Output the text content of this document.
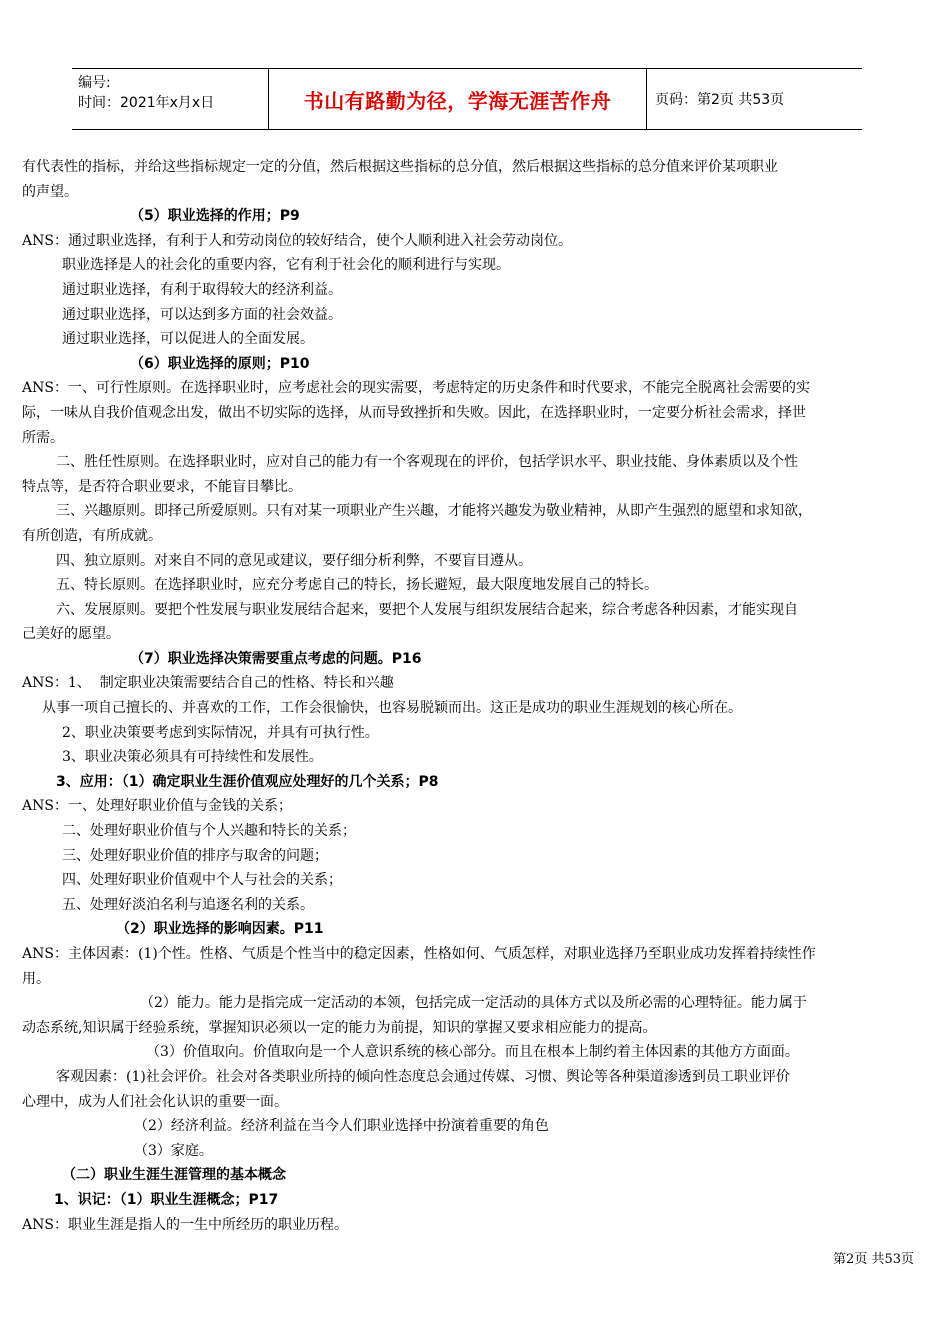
编号:
时间：2021年x月x日	书山有路勤为径，学海无涯苦作舟	页码：第2页 共53页
有代表性的指标，并给这些指标规定一定的分值，然后根据这些指标的总分值，然后根据这些指标的总分值来评价某项职业
的声望。
（5）职业选择的作用；P9
ANS：通过职业选择，有利于人和劳动岗位的较好结合，使个人顺利进入社会劳动岗位。
职业选择是人的社会化的重要内容，它有利于社会化的顺利进行与实现。
通过职业选择，有利于取得较大的经济利益。
通过职业选择，可以达到多方面的社会效益。
通过职业选择，可以促进人的全面发展。
（6）职业选择的原则；P10
ANS：一、可行性原则。在选择职业时，应考虑社会的现实需要，考虑特定的历史条件和时代要求，不能完全脱离社会需要的实
际，一味从自我价值观念出发，做出不切实际的选择，从而导致挫折和失败。因此，在选择职业时，一定要分析社会需求，择世
所需。
二、胜任性原则。在选择职业时，应对自己的能力有一个客观现在的评价，包括学识水平、职业技能、身体素质以及个性
特点等，是否符合职业要求，不能盲目攀比。
三、兴趣原则。即择己所爱原则。只有对某一项职业产生兴趣，才能将兴趣发为敬业精神，从即产生强烈的愿望和求知欲，
有所创造，有所成就。
四、独立原则。对来自不同的意见或建议，要仔细分析利弊，不要盲目遵从。
五、特长原则。在选择职业时，应充分考虑自己的特长，扬长避短，最大限度地发展自己的特长。
六、发展原则。要把个性发展与职业发展结合起来，要把个人发展与组织发展结合起来，综合考虑各种因素，才能实现自
己美好的愿望。
（7）职业选择决策需要重点考虑的问题。P16
ANS：1、  制定职业决策需要结合自己的性格、特长和兴趣
从事一项自己擅长的、并喜欢的工作，工作会很愉快，也容易脱颖而出。这正是成功的职业生涯规划的核心所在。
2、职业决策要考虑到实际情况，并具有可执行性。
3、职业决策必须具有可持续性和发展性。
3、应用：（1）确定职业生涯价值观应处理好的几个关系；P8
ANS：一、处理好职业价值与金钱的关系；
二、处理好职业价值与个人兴趣和特长的关系；
三、处理好职业价值的排序与取舍的问题；
四、处理好职业价值观中个人与社会的关系；
五、处理好淡泊名利与追逐名利的关系。
（2）职业选择的影响因素。P11
ANS：主体因素：(1)个性。性格、气质是个性当中的稳定因素，性格如何、气质怎样，对职业选择乃至职业成功发挥着持续性作
用。
（2）能力。能力是指完成一定活动的本领，包括完成一定活动的具体方式以及所必需的心理特征。能力属于
动态系统,知识属于经验系统，掌握知识必须以一定的能力为前提，知识的掌握又要求相应能力的提高。
（3）价值取向。价值取向是一个人意识系统的核心部分。而且在根本上制约着主体因素的其他方方面面。
客观因素：(1)社会评价。社会对各类职业所持的倾向性态度总会通过传媒、习惯、舆论等各种渠道渗透到员工职业评价
心理中，成为人们社会化认识的重要一面。
（2）经济利益。经济利益在当今人们职业选择中扮演着重要的角色
（3）家庭。
（二）职业生涯生涯管理的基本概念
1、识记：（1）职业生涯概念；P17
ANS：职业生涯是指人的一生中所经历的职业历程。
第2页 共53页
